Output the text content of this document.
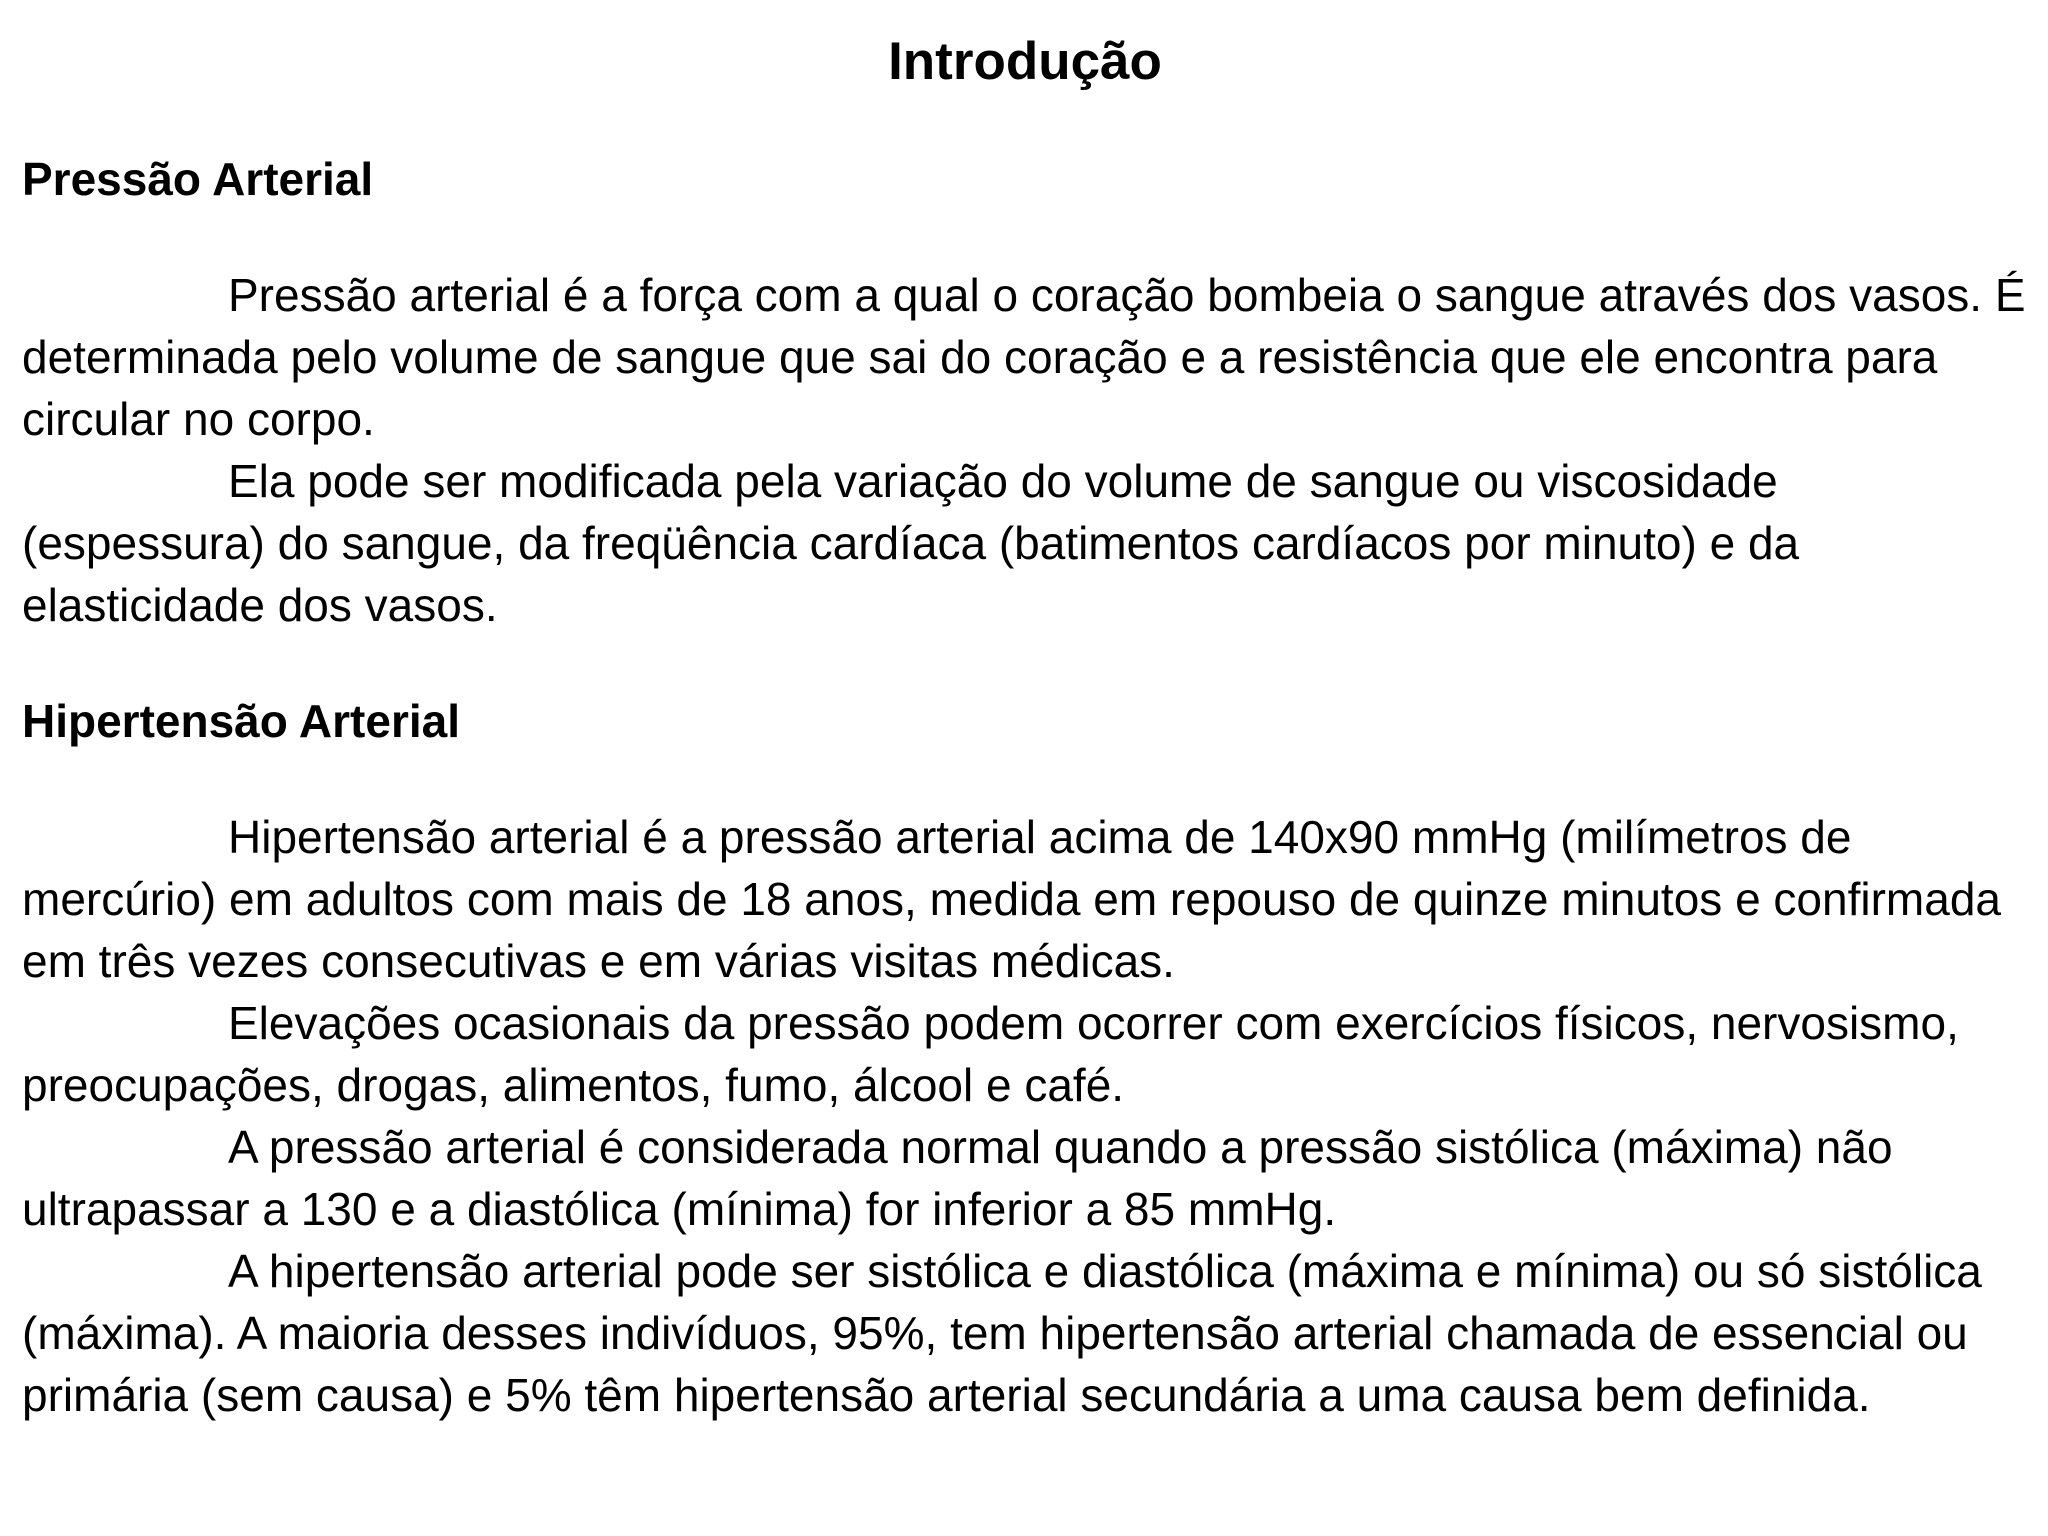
Introdução
Pressão Arterial

Pressão arterial é a força com a qual o coração bombeia o sangue através dos vasos. É determinada pelo volume de sangue que sai do coração e a resistência que ele encontra para circular no corpo.

Ela pode ser modificada pela variação do volume de sangue ou viscosidade (espessura) do sangue, da freqüência cardíaca (batimentos cardíacos por minuto) e da elasticidade dos vasos.

Hipertensão Arterial

Hipertensão arterial é a pressão arterial acima de 140x90 mmHg (milímetros de mercúrio) em adultos com mais de 18 anos, medida em repouso de quinze minutos e confirmada em três vezes consecutivas e em várias visitas médicas.

Elevações ocasionais da pressão podem ocorrer com exercícios físicos, nervosismo, preocupações, drogas, alimentos, fumo, álcool e café.

A pressão arterial é considerada normal quando a pressão sistólica (máxima) não ultrapassar a 130 e a diastólica (mínima) for inferior a 85 mmHg.

A hipertensão arterial pode ser sistólica e diastólica (máxima e mínima) ou só sistólica (máxima). A maioria desses indivíduos, 95%, tem hipertensão arterial chamada de essencial ou primária (sem causa) e 5% têm hipertensão arterial secundária a uma causa bem definida.
